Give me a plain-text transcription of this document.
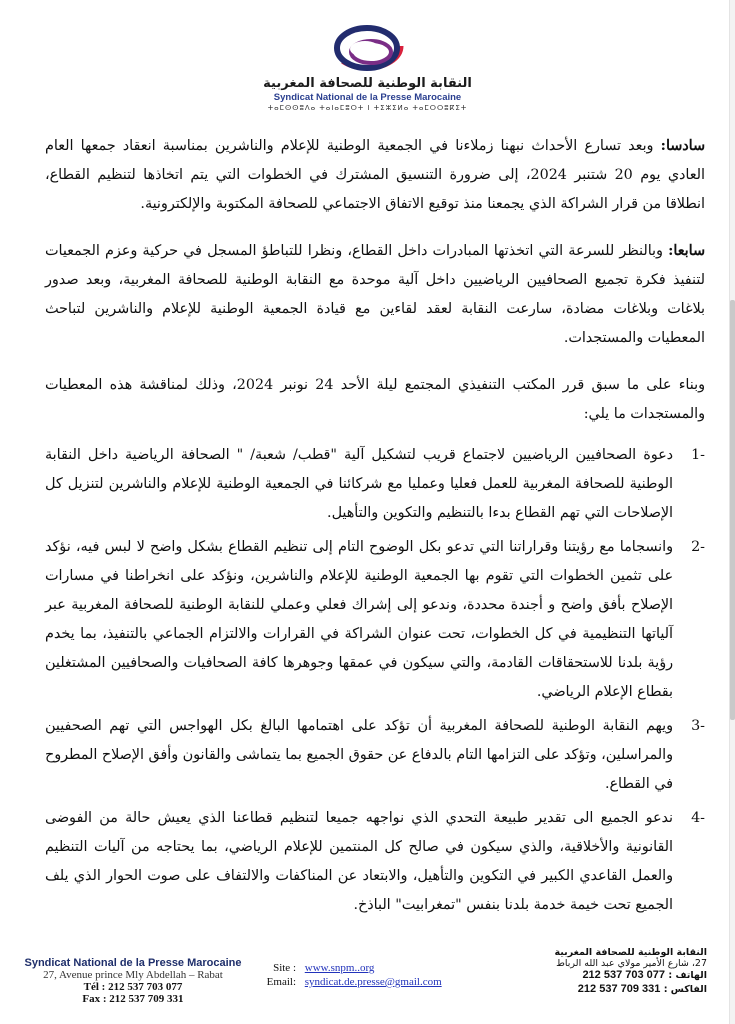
النقابة الوطنية للصحافة المغربية
Syndicat National de la Presse Marocaine
ⵜⴰⵎⵙⵙⵓⴷⴰ ⵜⴰⵏⴰⵎⵓⵔⵜ ⵏ ⵜⵉⵣⵉⵍⴰ ⵜⴰⵎⵔⵔⵓⴽⵉⵜ

سادسا: وبعد تسارع الأحداث نبهنا زملاءنا في الجمعية الوطنية للإعلام والناشرين بمناسبة انعقاد جمعها العام العادي يوم 20 شتنبر 2024، إلى ضرورة التنسيق المشترك في الخطوات التي يتم اتخاذها لتنظيم القطاع، انطلاقا من قرار الشراكة الذي يجمعنا منذ توقيع الاتفاق الاجتماعي للصحافة المكتوبة والإلكترونية.

سابعا: وبالنظر للسرعة التي اتخذتها المبادرات داخل القطاع، ونظرا للتباطؤ المسجل في حركية وعزم الجمعيات لتنفيذ فكرة تجميع الصحافيين الرياضيين داخل آلية موحدة مع النقابة الوطنية للصحافة المغربية، وبعد صدور بلاغات وبلاغات مضادة، سارعت النقابة لعقد لقاءين مع قيادة الجمعية الوطنية للإعلام والناشرين لتباحث المعطيات والمستجدات.

وبناء على ما سبق قرر المكتب التنفيذي المجتمع ليلة الأحد 24 نونبر 2024، وذلك لمناقشة هذه المعطيات والمستجدات ما يلي:

1-
دعوة الصحافيين الرياضيين لاجتماع قريب لتشكيل آلية "قطب/ شعبة/ " الصحافة الرياضية داخل النقابة الوطنية للصحافة المغربية للعمل فعليا وعمليا مع شركائنا في الجمعية الوطنية للإعلام والناشرين لتنزيل كل الإصلاحات التي تهم القطاع بدءا بالتنظيم والتكوين والتأهيل.
2-
وانسجاما مع رؤيتنا وقراراتنا التي تدعو بكل الوضوح التام إلى تنظيم القطاع بشكل واضح لا لبس فيه، نؤكد على تثمين الخطوات التي تقوم بها الجمعية الوطنية للإعلام والناشرين، ونؤكد على انخراطنا في مسارات الإصلاح بأفق واضح و أجندة محددة، وندعو إلى إشراك فعلي وعملي للنقابة الوطنية للصحافة المغربية عبر آلياتها التنظيمية في كل الخطوات، تحت عنوان الشراكة في القرارات والالتزام الجماعي بالتنفيذ، بما يخدم رؤية بلدنا للاستحقاقات القادمة، والتي سيكون في عمقها وجوهرها كافة الصحافيات والصحافيين المشتغلين بقطاع الإعلام الرياضي.
3-
ويهم النقابة الوطنية للصحافة المغربية أن تؤكد على اهتمامها البالغ بكل الهواجس التي تهم الصحفيين والمراسلين، وتؤكد على التزامها التام بالدفاع عن حقوق الجميع بما يتماشى والقانون وأفق الإصلاح المطروح في القطاع.
4-
ندعو الجميع الى تقدير طبيعة التحدي الذي نواجهه جميعا لتنظيم قطاعنا الذي يعيش حالة من الفوضى القانونية والأخلاقية، والذي سيكون في صالح كل المنتمين للإعلام الرياضي، بما يحتاجه من آليات التنظيم والعمل القاعدي الكبير في التكوين والتأهيل، والابتعاد عن المناكفات والالتفاف على صوت الحوار الذي يلف الجميع تحت خيمة خدمة بلدنا بنفس "تمغرابيت" الباذخ.
Syndicat National de la Presse Marocaine
27, Avenue prince Mly Abdellah – Rabat
Tél : 212 537 703 077
Fax : 212 537 709 331
Site : www.snpm..org
Email: syndicat.de.presse@gmail.com
النقابة الوطنية للصحافة المغربية
27، شارع الأمير مولاي عبد الله الرباط
الهاتف : 212 537 703 077
الفاكس : 212 537 709 331
